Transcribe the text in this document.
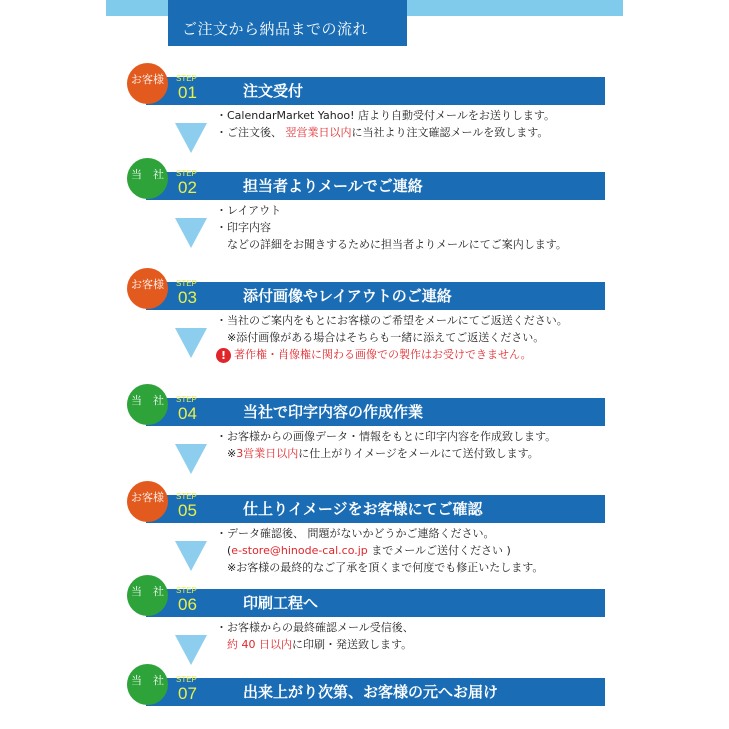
ご注文から納品までの流れ
STEP
01	注文受付
お客様
・CalendarMarket Yahoo! 店より自動受付メールをお送りします。
・ご注文後、 翌営業日以内に当社より注文確認メールを致します。
STEP
02	担当者よりメールでご連絡
当　社
・レイアウト
・印字内容
　などの詳細をお聞きするために担当者よりメールにてご案内します。
STEP
03	添付画像やレイアウトのご連絡
お客様
・当社のご案内をもとにお客様のご希望をメールにてご返送ください。
　※添付画像がある場合はそちらも一緒に添えてご返送ください。
! 著作権・肖像権に関わる画像での製作はお受けできません。
STEP
04	当社で印字内容の作成作業
当　社
・お客様からの画像データ・情報をもとに印字内容を作成致します。
　※3営業日以内に仕上がりイメージをメールにて送付致します。
STEP
05	仕上りイメージをお客様にてご確認
お客様
・データ確認後、 問題がないかどうかご連絡ください。
　(e-store@hinode-cal.co.jp までメールご送付ください )
　※お客様の最終的なご了承を頂くまで何度でも修正いたします。
STEP
06	印刷工程へ
当　社
・お客様からの最終確認メール受信後、
　約 40 日以内に印刷・発送致します。
STEP
07	出来上がり次第、お客様の元へお届け
当　社
